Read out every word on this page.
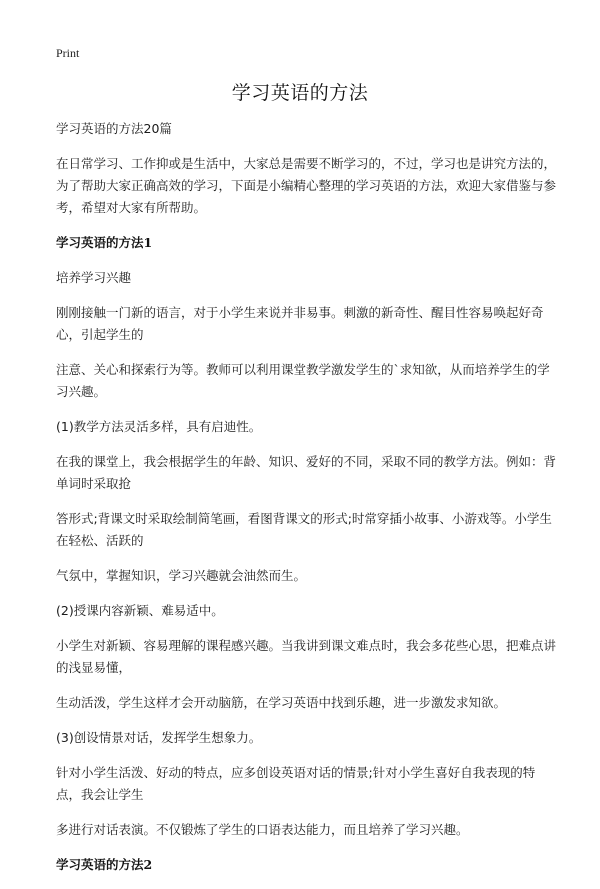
Print
学习英语的方法

学习英语的方法20篇

在日常学习、工作抑或是生活中，大家总是需要不断学习的，不过，学习也是讲究方法的，为了帮助大家正确高效的学习，下面是小编精心整理的学习英语的方法，欢迎大家借鉴与参考，希望对大家有所帮助。

学习英语的方法1

培养学习兴趣

刚刚接触一门新的语言，对于小学生来说并非易事。刺激的新奇性、醒目性容易唤起好奇心，引起学生的

注意、关心和探索行为等。教师可以利用课堂教学激发学生的`求知欲，从而培养学生的学习兴趣。

(1)教学方法灵活多样，具有启迪性。

在我的课堂上，我会根据学生的年龄、知识、爱好的不同，采取不同的教学方法。例如：背单词时采取抢

答形式;背课文时采取绘制简笔画，看图背课文的形式;时常穿插小故事、小游戏等。小学生在轻松、活跃的

气氛中，掌握知识，学习兴趣就会油然而生。

(2)授课内容新颖、难易适中。

小学生对新颖、容易理解的课程感兴趣。当我讲到课文难点时，我会多花些心思，把难点讲的浅显易懂，

生动活泼，学生这样才会开动脑筋，在学习英语中找到乐趣，进一步激发求知欲。

(3)创设情景对话，发挥学生想象力。

针对小学生活泼、好动的特点，应多创设英语对话的情景;针对小学生喜好自我表现的特点，我会让学生

多进行对话表演。不仅锻炼了学生的口语表达能力，而且培养了学习兴趣。

学习英语的方法2
